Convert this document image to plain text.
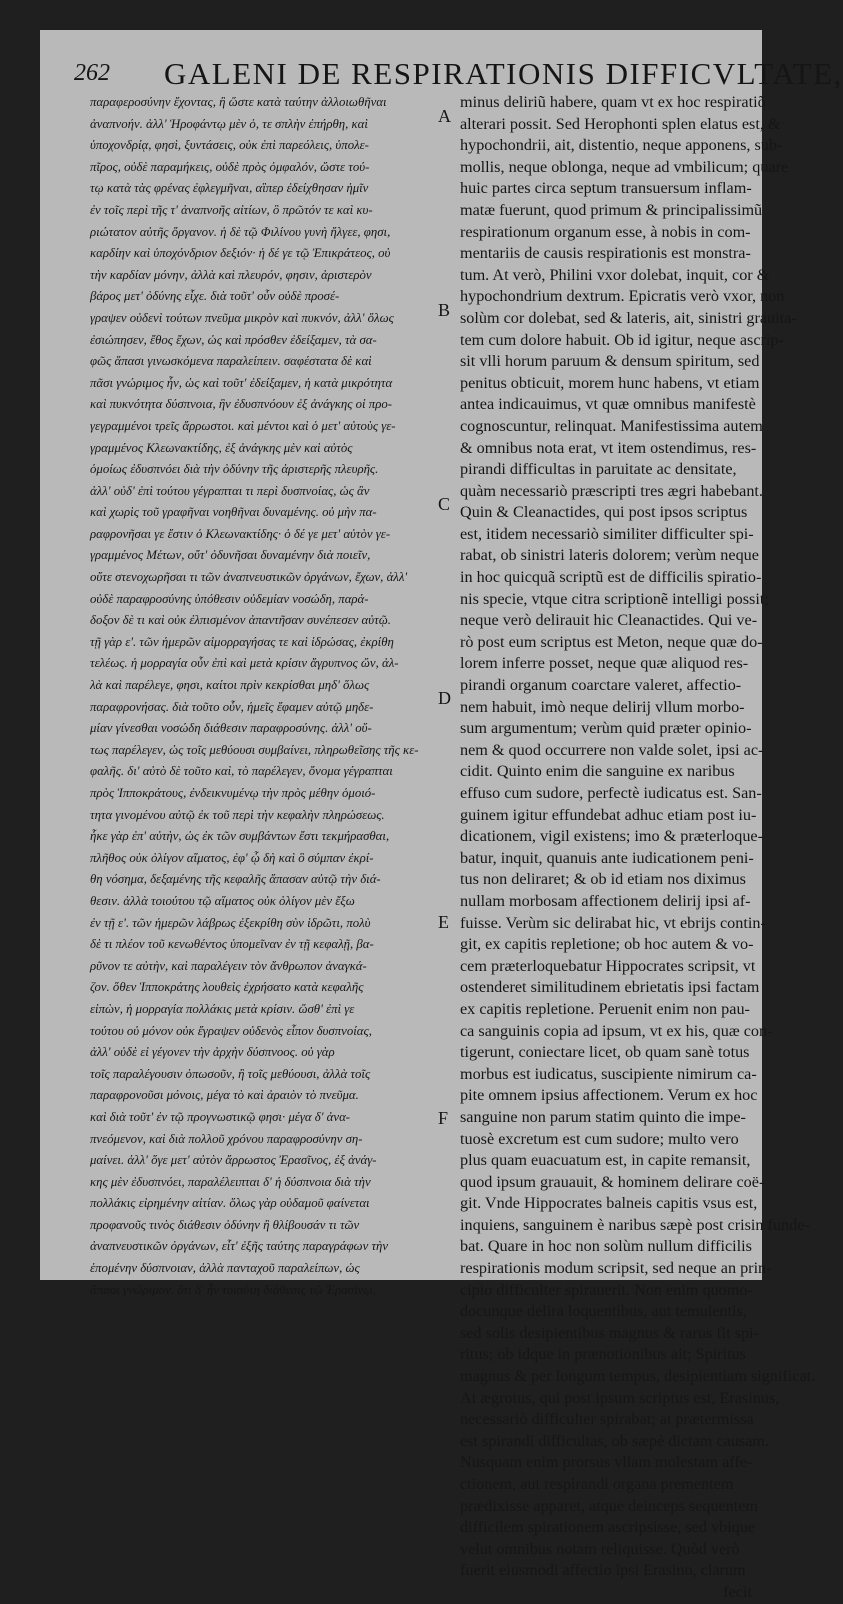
262 GALENI DE RESPIRATIONIS DIFFICVLTATE,
παραφεροσύνην ἔχοντας, ἢ ὥστε κατὰ ταύτην ἀλλοιωθῆναι
ἀναπνοήν. ἀλλ' Ἡροφάντῳ μὲν ὁ, τε σπλὴν ἐπήρθη, καὶ
ὑποχονδρίᾳ, φησὶ, ξυντάσεις, οὐκ ἐπὶ παρεόλεις, ὑπολε-
πῖρος, οὐδὲ παραμήκεις, οὐδὲ πρὸς ὀμφαλόν, ὥστε τού-
τῳ κατὰ τὰς φρένας ἐφλεγμῆναι, αἳπερ ἐδείχθησαν ἡμῖν
ἐν τοῖς περὶ τῆς τ' ἀναπνοῆς αἰτίων, ὃ πρῶτόν τε καὶ κυ-
ριώτατον αὐτῆς ὄργανον. ἡ δὲ τῷ Φιλίνου γυνὴ ἤλγεε, φησι,
καρδίην καὶ ὑποχόνδριον δεξιόν· ἡ δέ γε τῷ Ἐπικράτεος, οὐ
τὴν καρδίαν μόνην, ἀλλὰ καὶ πλευρόν, φησιν, ἀριστερὸν
βάρος μετ' ὀδύνης εἶχε. διὰ τοῦτ' οὖν οὐδὲ προσέ-
γραψεν οὐδενὶ τούτων πνεῦμα μικρὸν καὶ πυκνόν, ἀλλ' ὅλως
ἐσιώπησεν, ἔθος ἔχων, ὡς καὶ πρόσθεν ἐδείξαμεν, τὰ σα-
φῶς ἅπασι γινωσκόμενα παραλείπειν. σαφέστατα δὲ καὶ
πᾶσι γνώριμος ἦν, ὡς καὶ τοῦτ' ἐδείξαμεν, ἡ κατὰ μικρότητα
καὶ πυκνότητα δύσπνοια, ἣν ἐδυσπνόουν ἐξ ἀνάγκης οἱ προ-
γεγραμμένοι τρεῖς ἄρρωστοι. καὶ μέντοι καὶ ὁ μετ' αὐτοὺς γε-
γραμμένος Κλεωνακτίδης, ἐξ ἀνάγκης μὲν καὶ αὐτὸς
ὁμοίως ἐδυσπνόει διὰ τὴν ὀδύνην τῆς ἀριστερῆς πλευρῆς.
ἀλλ' οὐδ' ἐπὶ τούτου γέγραπται τι περὶ δυσπνοίας, ὡς ἂν
καὶ χωρὶς τοῦ γραφῆναι νοηθῆναι δυναμένης. οὐ μὴν πα-
ραφρονῆσαι γε ἔστιν ὁ Κλεωνακτίδης· ὁ δέ γε μετ' αὐτὸν γε-
γραμμένος Μέτων, οὔτ' ὀδυνῆσαι δυναμένην διὰ ποιεῖν,
οὔτε στενοχωρῆσαι τι τῶν ἀναπνευστικῶν ὀργάνων, ἔχων, ἀλλ'
οὐδὲ παραφροσύνης ὑπόθεσιν οὐδεμίαν νοσώδη, παρά-
δοξον δὲ τι καὶ οὐκ ἐλπισμένον ἀπαντῆσαν συνέπεσεν αὐτῷ.
τῇ γὰρ ε'. τῶν ἡμερῶν αἱμορραγήσας τε καὶ ἱδρώσας, ἐκρίθη
τελέως. ἡ μορραγία οὖν ἐπὶ καὶ μετὰ κρίσιν ἄγρυπνος ὤν, ἀλ-
λὰ καὶ παρέλεγε, φησι, καίτοι πρὶν κεκρίσθαι μηδ' ὅλως
παραφρονήσας. διὰ τοῦτο οὖν, ἡμεῖς ἔφαμεν αὐτῷ μηδε-
μίαν γίνεσθαι νοσώδη διάθεσιν παραφροσύνης. ἀλλ' οὕ-
τως παρέλεγεν, ὡς τοῖς μεθύουσι συμβαίνει, πληρωθεῖσης τῆς κε-
φαλῆς. δι' αὐτὸ δὲ τοῦτο καὶ, τὸ παρέλεγεν, ὄνομα γέγραπται
πρὸς Ἱπποκράτους, ἐνδεικνυμένῳ τὴν πρὸς μέθην ὁμοιό-
τητα γινομένου αὐτῷ ἐκ τοῦ περὶ τὴν κεφαλὴν πληρώσεως.
ἧκε γὰρ ἐπ' αὐτὴν, ὡς ἐκ τῶν συμβάντων ἔστι τεκμήρασθαι,
πλῆθος οὐκ ὀλίγον αἵματος, ἐφ' ᾧ δὴ καὶ ὃ σύμπαν ἐκρί-
θη νόσημα, δεξαμένης τῆς κεφαλῆς ἅπασαν αὐτῷ τὴν διά-
θεσιν. ἀλλὰ τοιούτου τῷ αἵματος οὐκ ὀλίγον μὲν ἔξω
ἐν τῇ ε'. τῶν ἡμερῶν λάβρως ἐξεκρίθη σὺν ἱδρῶτι, πολὺ
δὲ τι πλέον τοῦ κενωθέντος ὑπομεῖναν ἐν τῇ κεφαλῇ, βα-
ρῦνον τε αὐτὴν, καὶ παραλέγειν τὸν ἄνθρωπον ἀναγκά-
ζον. ὅθεν Ἱπποκράτης λουθεὶς ἐχρήσατο κατὰ κεφαλῆς
εἰπὼν, ἡ μορραγία πολλάκις μετὰ κρίσιν. ὥσθ' ἐπὶ γε
τούτου οὐ μόνον οὐκ ἔγραψεν οὐδενὸς εἶπον δυσπνοίας,
ἀλλ' οὐδὲ εἰ γέγονεν τὴν ἀρχὴν δύσπνοος. οὐ γὰρ
τοῖς παραλέγουσιν ὁπωσοῦν, ἢ τοῖς μεθύουσι, ἀλλὰ τοῖς
παραφρονοῦσι μόνοις, μέγα τὸ καὶ ἀραιὸν τὸ πνεῦμα.
καὶ διὰ τοῦτ' ἐν τῷ προγνωστικῷ φησι· μέγα δ' ἀνα-
πνεόμενον, καὶ διὰ πολλοῦ χρόνου παραφροσύνην ση-
μαίνει. ἀλλ' ὅγε μετ' αὐτὸν ἄρρωστος Ἐρασῖνος, ἐξ ἀνάγ-
κης μὲν ἐδυσπνόει, παραλέλειπται δ' ἡ δύσπνοια διὰ τὴν
πολλάκις εἰρημένην αἰτίαν. ὅλως γὰρ οὐδαμοῦ φαίνεται
προφανοῦς τινὸς διάθεσιν ὀδύνην ἢ θλίβουσάν τι τῶν
ἀναπνευστικῶν ὀργάνων, εἶτ' ἐξῆς ταύτης παραγράφων τὴν
ἑπομένην δύσπνοιαν, ἀλλὰ πανταχοῦ παραλείπων, ὡς
ἅπασι γνώριμον. ὅτι δ' ἦν τοιαύτη διάθεσις τῷ Ἐρασίνῳ,
A
B
C
D
E
F
minus deliriũ habere, quam vt ex hoc respiratiõ
alterari possit. Sed Herophonti splen elatus est, &
hypochondrii, ait, distentio, neque apponens, sub-
mollis, neque oblonga, neque ad vmbilicum; quare
huic partes circa septum transuersum inflam-
matæ fuerunt, quod primum & principalissimũ
respirationum organum esse, à nobis in com-
mentariis de causis respirationis est monstra-
tum. At verò, Philini vxor dolebat, inquit, cor &
hypochondrium dextrum. Epicratis verò vxor, non
solùm cor dolebat, sed & lateris, ait, sinistri grauita-
tem cum dolore habuit. Ob id igitur, neque ascrip-
sit vlli horum paruum & densum spiritum, sed
penitus obticuit, morem hunc habens, vt etiam
antea indicauimus, vt quæ omnibus manifestè
cognoscuntur, relinquat. Manifestissima autem
& omnibus nota erat, vt item ostendimus, res-
pirandi difficultas in paruitate ac densitate,
quàm necessariò præscripti tres ægri habebant.
Quin & Cleanactides, qui post ipsos scriptus
est, itidem necessariò similiter difficulter spi-
rabat, ob sinistri lateris dolorem; verùm neque
in hoc quicquã scriptũ est de difficilis spiratio-
nis specie, vtque citra scriptionẽ intelligi possit;
neque verò delirauit hic Cleanactides. Qui ve-
rò post eum scriptus est Meton, neque quæ do-
lorem inferre posset, neque quæ aliquod res-
pirandi organum coarctare valeret, affectio-
nem habuit, imò neque delirij vllum morbo-
sum argumentum; verùm quid præter opinio-
nem & quod occurrere non valde solet, ipsi ac-
cidit. Quinto enim die sanguine ex naribus
effuso cum sudore, perfectè iudicatus est. San-
guinem igitur effundebat adhuc etiam post iu-
dicationem, vigil existens; imo & præterloque-
batur, inquit, quanuis ante iudicationem peni-
tus non deliraret; & ob id etiam nos diximus
nullam morbosam affectionem delirij ipsi af-
fuisse. Verùm sic delirabat hic, vt ebrijs contin-
git, ex capitis repletione; ob hoc autem & vo-
cem præterloquebatur Hippocrates scripsit, vt
ostenderet similitudinem ebrietatis ipsi factam
ex capitis repletione. Peruenit enim non pau-
ca sanguinis copia ad ipsum, vt ex his, quæ con-
tigerunt, coniectare licet, ob quam sanè totus
morbus est iudicatus, suscipiente nimirum ca-
pite omnem ipsius affectionem. Verum ex hoc
sanguine non parum statim quinto die impe-
tuosè excretum est cum sudore; multo vero
plus quam euacuatum est, in capite remansit,
quod ipsum grauauit, & hominem delirare coë-
git. Vnde Hippocrates balneis capitis vsus est,
inquiens, sanguinem è naribus sæpè post crisin funde-
bat. Quare in hoc non solùm nullum difficilis
respirationis modum scripsit, sed neque an prin-
cipio difficulter spirauerit. Non enim quomo-
docunque delira loquentibus, aut temulentis,
sed solis desipientibus magnus & rarus fit spi-
ritus; ob idque in prænotionibus ait; Spiritus
magnus & per longum tempus, desipientiam significat.
At ægrotus, qui post ipsum scriptus est, Erasinus,
necessariò difficulter spirabat; at prætermissa
est spirandi difficultas, ob sæpè dictam causam.
Nusquam enim prorsus vllam molestam affe-
ctionem, aut respirandi organa prementem
prædixisse apparet, atque deinceps sequentem
difficilem spirationem ascripsisse, sed vbique
velut omnibus notam reliquisse. Quòd verò
fuerit eiusmodi affectio ipsi Erasino, clarum
fecit
